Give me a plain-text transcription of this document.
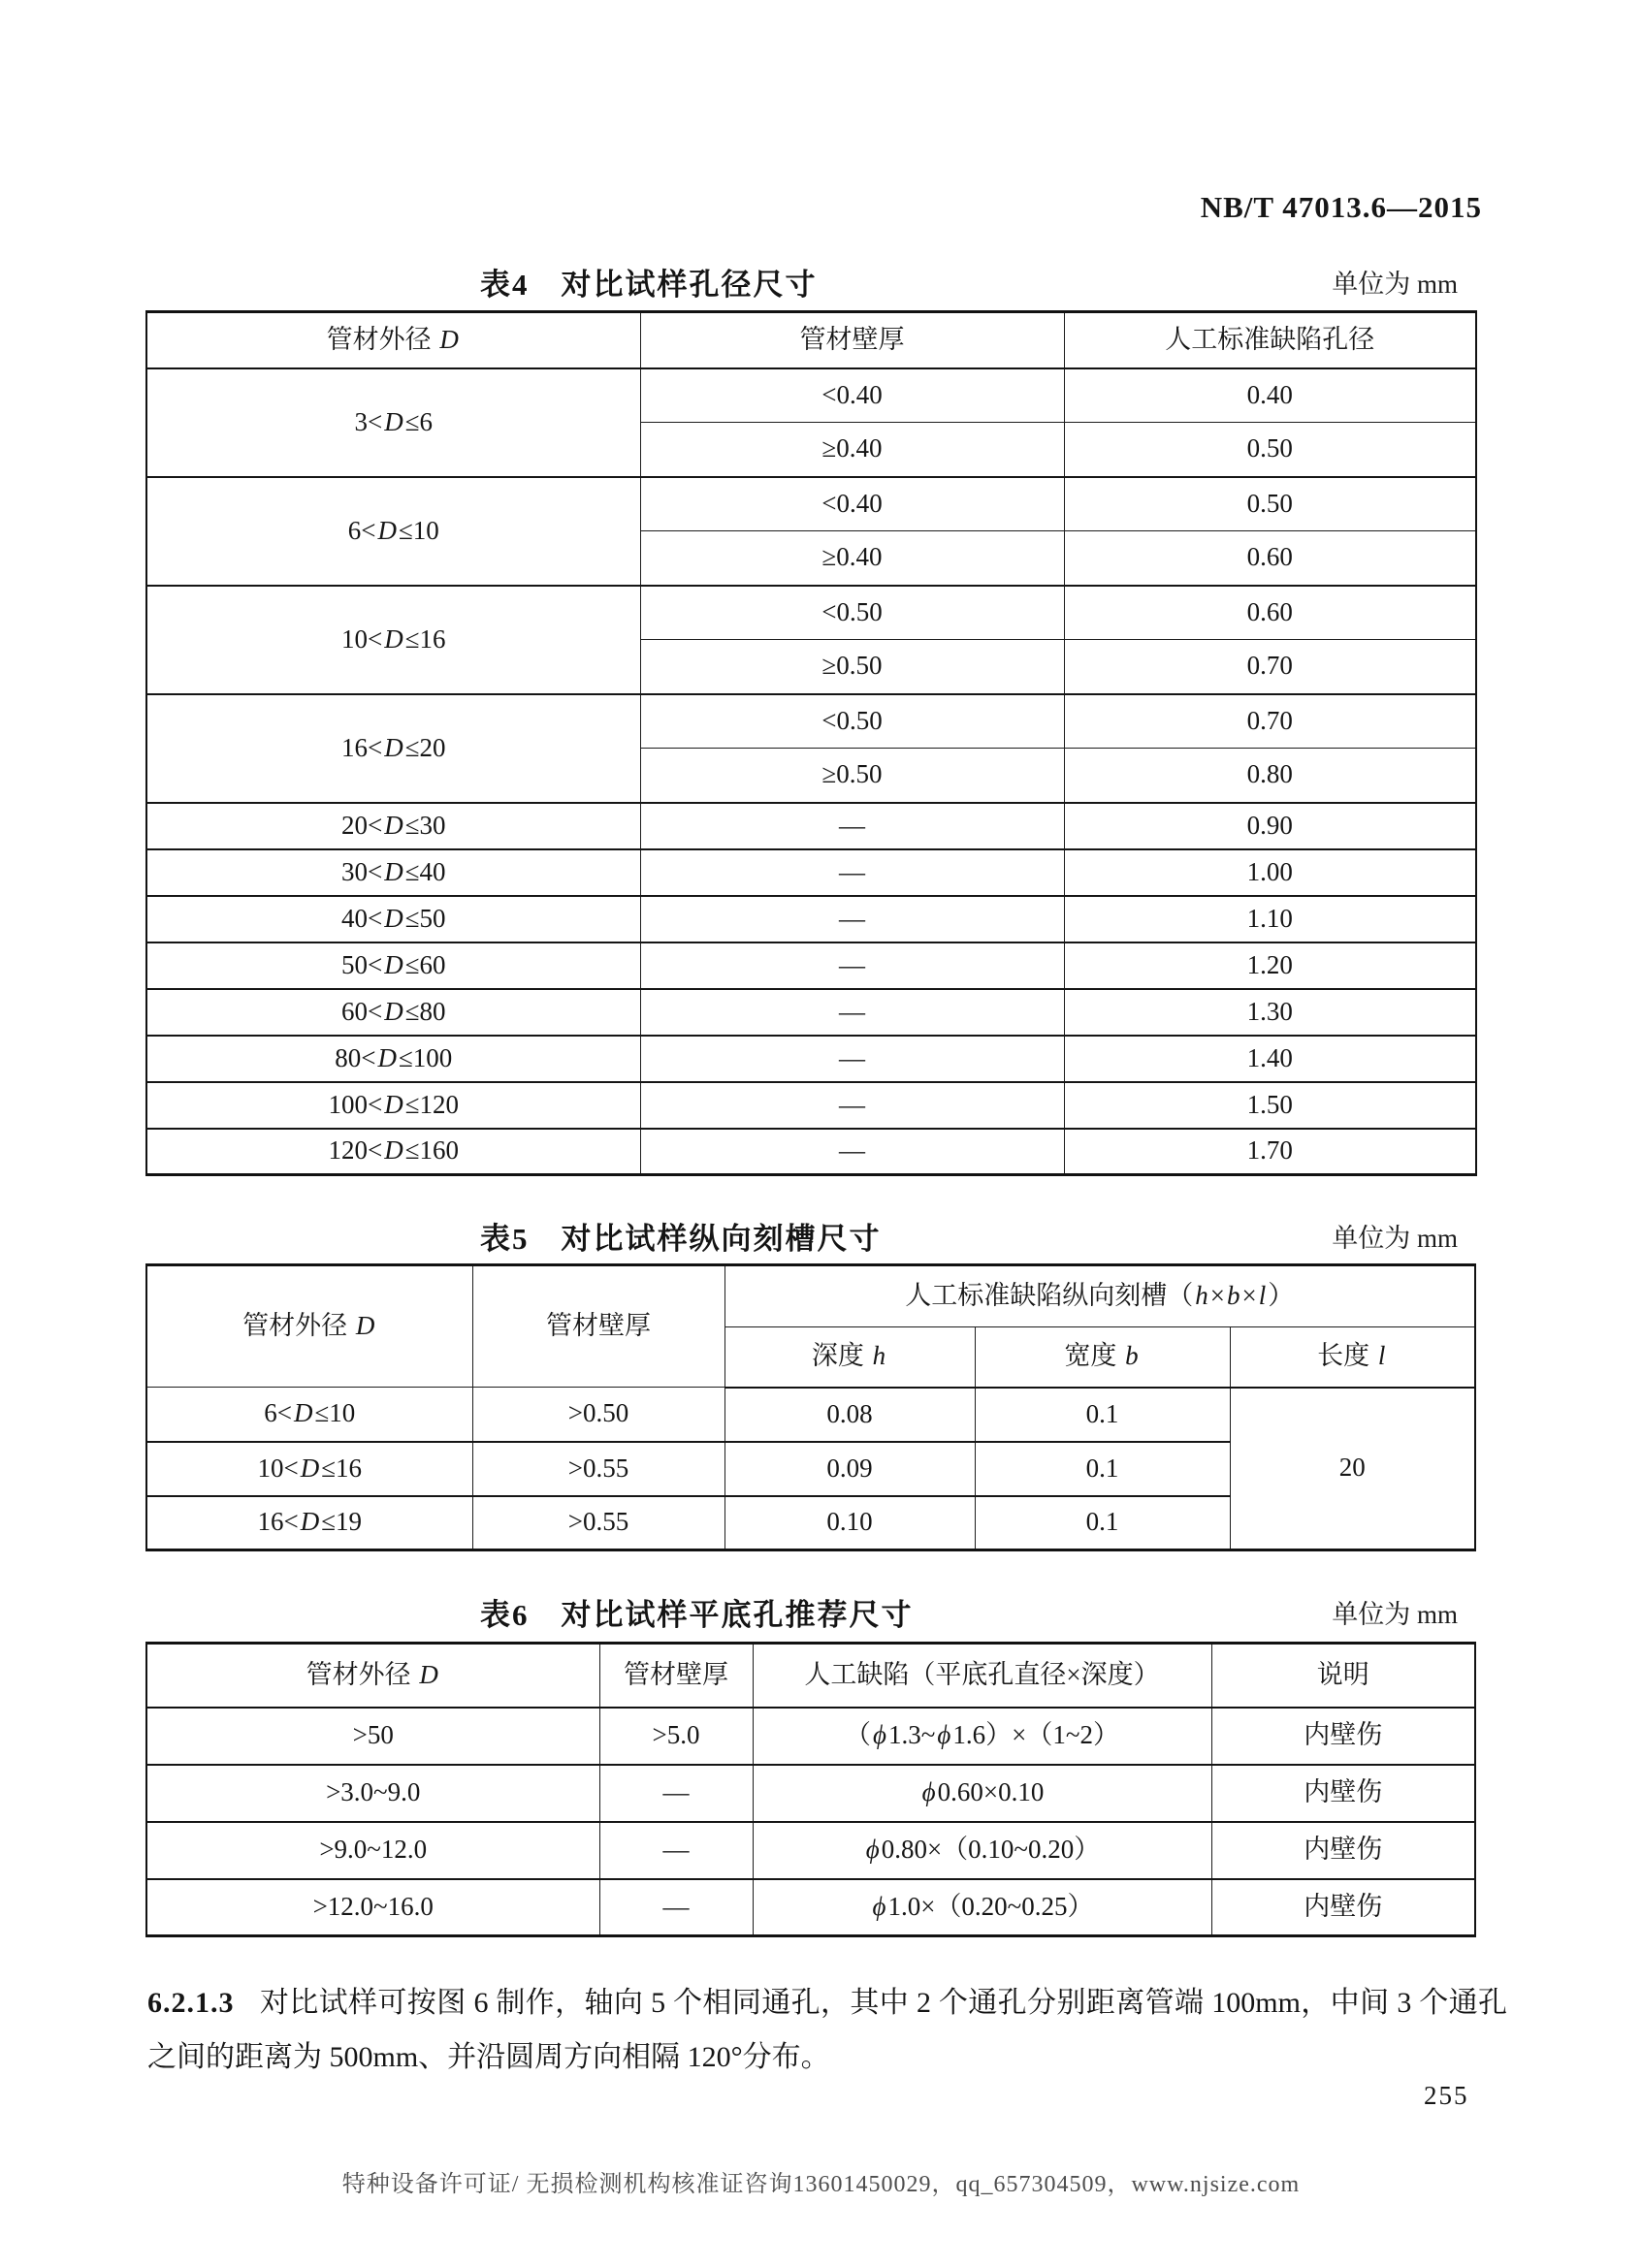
NB/T 47013.6—2015
表4　对比试样孔径尺寸	单位为 mm
管材外径 D	管材壁厚	人工标准缺陷孔径
3<D≤6	<0.40	0.40
	≥0.40	0.50
6<D≤10	<0.40	0.50
	≥0.40	0.60
10<D≤16	<0.50	0.60
	≥0.50	0.70
16<D≤20	<0.50	0.70
	≥0.50	0.80
20<D≤30	—	0.90
30<D≤40	—	1.00
40<D≤50	—	1.10
50<D≤60	—	1.20
60<D≤80	—	1.30
80<D≤100	—	1.40
100<D≤120	—	1.50
120<D≤160	—	1.70
表5　对比试样纵向刻槽尺寸	单位为 mm
管材外径 D	管材壁厚	人工标准缺陷纵向刻槽（h×b×l）		
		深度 h	宽度 b	长度 l
6<D≤10	>0.50	0.08	0.1	20
10<D≤16	>0.55	0.09	0.1	
16<D≤19	>0.55	0.10	0.1	
表6　对比试样平底孔推荐尺寸	单位为 mm
管材外径 D	管材壁厚	人工缺陷（平底孔直径×深度）	说明
>50	>5.0	（ϕ1.3~ϕ1.6）×（1~2）	内壁伤
>3.0~9.0	—	ϕ0.60×0.10	内壁伤
>9.0~12.0	—	ϕ0.80×（0.10~0.20）	内壁伤
>12.0~16.0	—	ϕ1.0×（0.20~0.25）	内壁伤

6.2.1.3 对比试样可按图 6 制作，轴向 5 个相同通孔，其中 2 个通孔分别距离管端 100mm，中间 3 个通孔之间的距离为 500mm、并沿圆周方向相隔 120°分布。

255
特种设备许可证/ 无损检测机构核准证咨询13601450029，qq_657304509，www.njsize.com
